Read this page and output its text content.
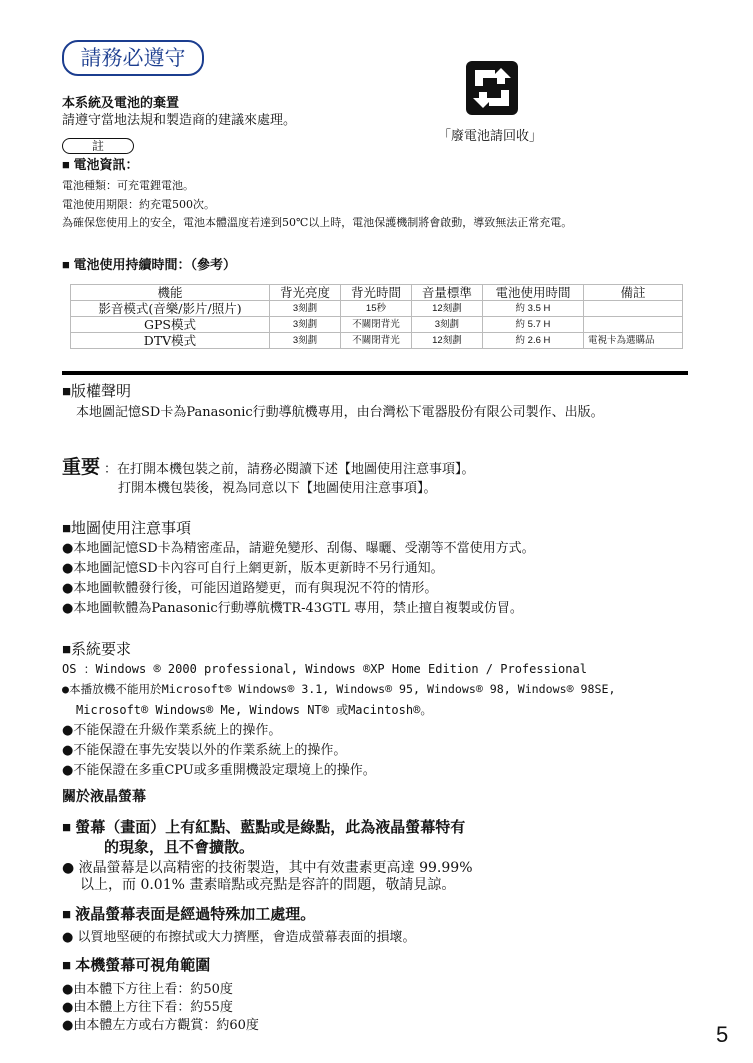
請務必遵守
本系統及電池的棄置
請遵守當地法規和製造商的建議來處理。
「廢電池請回收」
註
■ 電池資訊：
電池種類：可充電鋰電池。
電池使用期限：約充電500次。
為確保您使用上的安全，電池本體溫度若達到50℃以上時，電池保護機制將會啟動，導致無法正常充電。
■ 電池使用持續時間：（參考）
機能	背光亮度	背光時間	音量標準	電池使用時間	備註
影音模式(音樂/影片/照片)	3刻劃	15秒	12刻劃	約 3.5 H	
GPS模式	3刻劃	不關閉背光	3刻劃	約 5.7 H	
DTV模式	3刻劃	不關閉背光	12刻劃	約 2.6 H	電視卡為選購品
■版權聲明
本地圖記憶SD卡為Panasonic行動導航機專用，由台灣松下電器股份有限公司製作、出版。
重要 ：在打開本機包裝之前，請務必閱讀下述【地圖使用注意事項】。
打開本機包裝後，視為同意以下【地圖使用注意事項】。
■地圖使用注意事項
●本地圖記憶SD卡為精密產品，請避免變形、刮傷、曝曬、受潮等不當使用方式。
●本地圖記憶SD卡內容可自行上網更新，版本更新時不另行通知。
●本地圖軟體發行後，可能因道路變更，而有與現況不符的情形。
●本地圖軟體為Panasonic行動導航機TR-43GTL 專用，禁止擅自複製或仿冒。
■系統要求
OS ：Windows ® 2000 professional, Windows ®XP Home Edition / Professional
●本播放機不能用於Microsoft® Windows® 3.1, Windows® 95, Windows® 98, Windows® 98SE,
Microsoft® Windows® Me, Windows NT® 或Macintosh®。
●不能保證在升級作業系統上的操作。
●不能保證在事先安裝以外的作業系統上的操作。
●不能保證在多重CPU或多重開機設定環境上的操作。
關於液晶螢幕
■ 螢幕（畫面）上有紅點、藍點或是綠點，此為液晶螢幕特有
的現象，且不會擴散。
● 液晶螢幕是以高精密的技術製造，其中有效畫素更高達 99.99%
以上，而 0.01% 畫素暗點或亮點是容許的問題，敬請見諒。
■ 液晶螢幕表面是經過特殊加工處理。
● 以質地堅硬的布擦拭或大力擠壓，會造成螢幕表面的損壞。
■ 本機螢幕可視角範圍
●由本體下方往上看：約50度
●由本體上方往下看：約55度
●由本體左方或右方觀賞：約60度	5
